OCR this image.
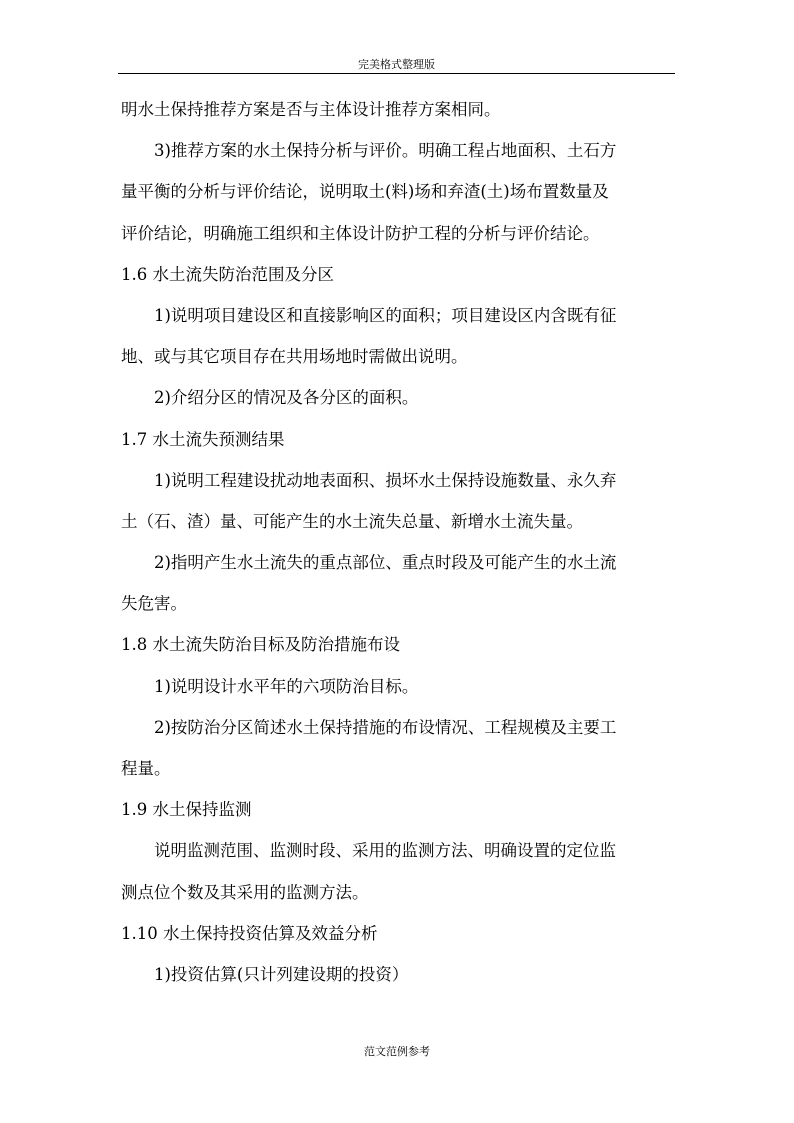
完美格式整理版
明水土保持推荐方案是否与主体设计推荐方案相同。
3)推荐方案的水土保持分析与评价。明确工程占地面积、土石方
量平衡的分析与评价结论，说明取土(料)场和弃渣(土)场布置数量及
评价结论，明确施工组织和主体设计防护工程的分析与评价结论。
1.6 水土流失防治范围及分区
1)说明项目建设区和直接影响区的面积；项目建设区内含既有征
地、或与其它项目存在共用场地时需做出说明。
2)介绍分区的情况及各分区的面积。
1.7 水土流失预测结果
1)说明工程建设扰动地表面积、损坏水土保持设施数量、永久弃
土（石、渣）量、可能产生的水土流失总量、新增水土流失量。
2)指明产生水土流失的重点部位、重点时段及可能产生的水土流
失危害。
1.8 水土流失防治目标及防治措施布设
1)说明设计水平年的六项防治目标。
2)按防治分区简述水土保持措施的布设情况、工程规模及主要工
程量。
1.9 水土保持监测
说明监测范围、监测时段、采用的监测方法、明确设置的定位监
测点位个数及其采用的监测方法。
1.10 水土保持投资估算及效益分析
1)投资估算(只计列建设期的投资）
范文范例参考
